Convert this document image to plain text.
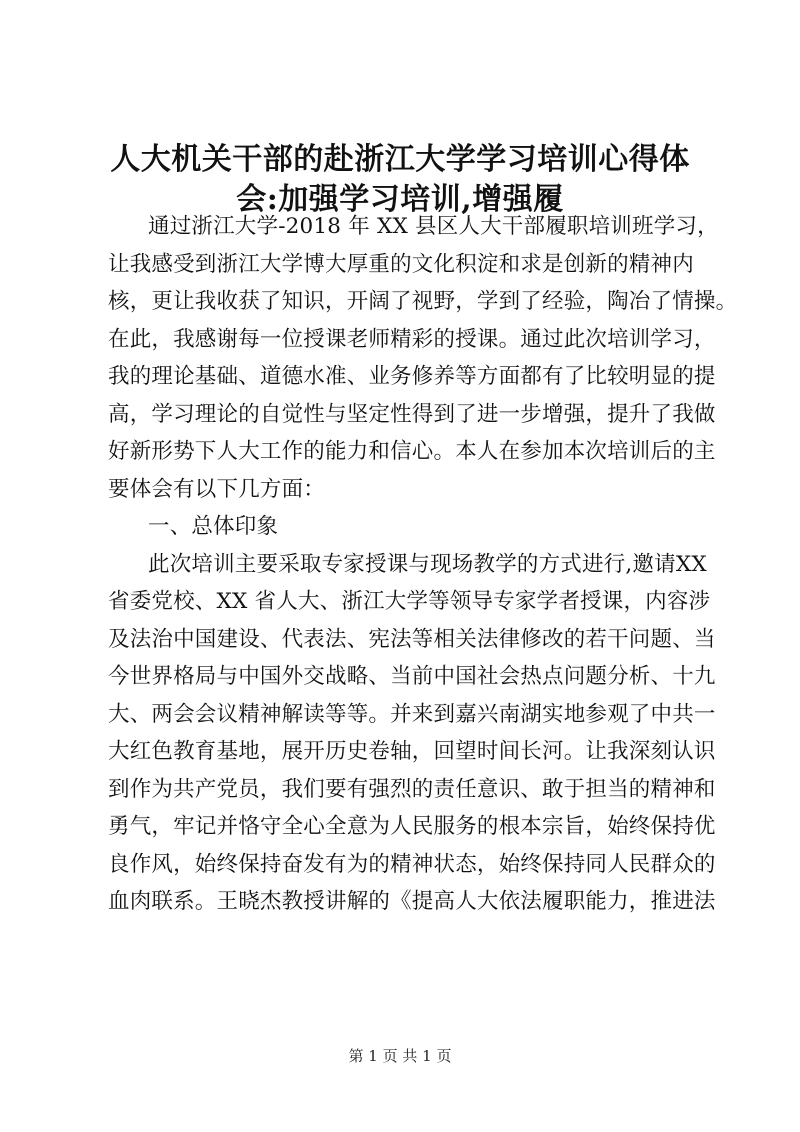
人大机关干部的赴浙江大学学习培训心得体
会:加强学习培训,增强履
通过浙江大学-2018 年 XX 县区人大干部履职培训班学习，
让我感受到浙江大学博大厚重的文化积淀和求是创新的精神内
核，更让我收获了知识，开阔了视野，学到了经验，陶冶了情操。
在此，我感谢每一位授课老师精彩的授课。通过此次培训学习，
我的理论基础、道德水准、业务修养等方面都有了比较明显的提
高，学习理论的自觉性与坚定性得到了进一步增强，提升了我做
好新形势下人大工作的能力和信心。本人在参加本次培训后的主
要体会有以下几方面：
一、总体印象
此次培训主要采取专家授课与现场教学的方式进行,邀请XX
省委党校、XX 省人大、浙江大学等领导专家学者授课，内容涉
及法治中国建设、代表法、宪法等相关法律修改的若干问题、当
今世界格局与中国外交战略、当前中国社会热点问题分析、十九
大、两会会议精神解读等等。并来到嘉兴南湖实地参观了中共一
大红色教育基地，展开历史卷轴，回望时间长河。让我深刻认识
到作为共产党员，我们要有强烈的责任意识、敢于担当的精神和
勇气，牢记并恪守全心全意为人民服务的根本宗旨，始终保持优
良作风，始终保持奋发有为的精神状态，始终保持同人民群众的
血肉联系。王晓杰教授讲解的《提高人大依法履职能力，推进法
第 1 页 共 1 页
